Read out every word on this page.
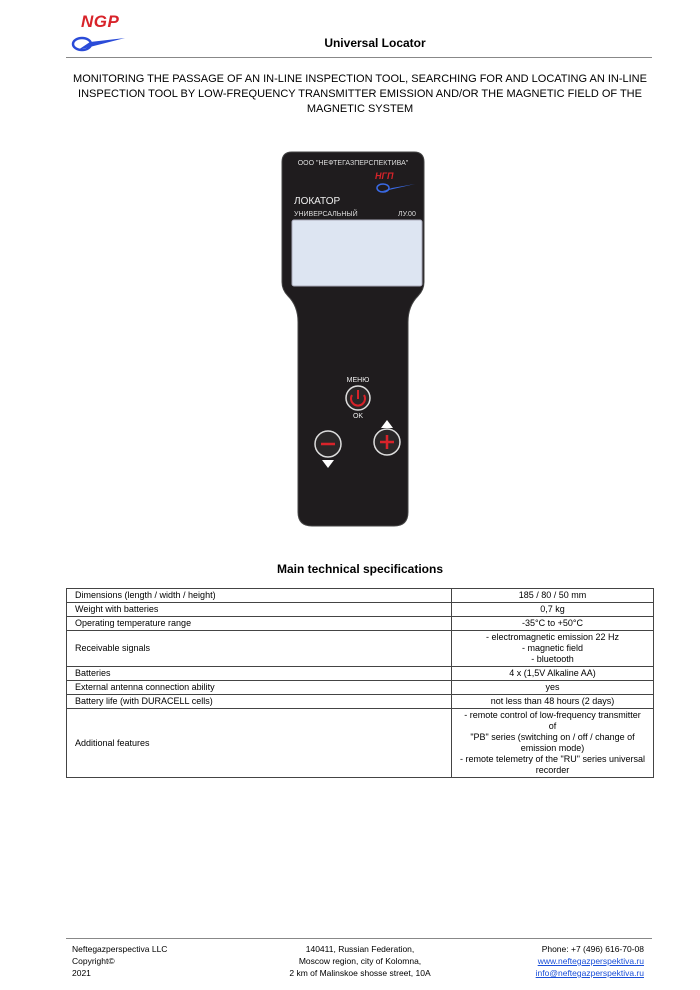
NGP
Universal Locator
MONITORING THE PASSAGE OF AN IN-LINE INSPECTION TOOL, SEARCHING FOR AND LOCATING AN IN-LINE INSPECTION TOOL BY LOW-FREQUENCY TRANSMITTER EMISSION AND/OR THE MAGNETIC FIELD OF THE MAGNETIC SYSTEM
ООО "НЕФТЕГАЗПЕРСПЕКТИВА"
НГП
ЛОКАТОР
УНИВЕРСАЛЬНЫЙ	ЛУ.00
МЕНЮ
OK
Main technical specifications
Dimensions (length / width / height)	185 / 80 / 50 mm

Weight with batteries	0,7 kg

Operating temperature range	-35°C to +50°C

Receivable signals	- electromagnetic emission 22 Hz
- magnetic field
- bluetooth

Batteries	4 x (1,5V Alkaline AA)

External antenna connection ability	yes

Battery life (with DURACELL cells)	not less than 48 hours (2 days)

Additional features	- remote control of low-frequency transmitter of
"PB" series (switching on / off / change of
emission mode)
- remote telemetry of the "RU" series universal
recorder
Neftegazperspectiva LLC
Copyright©
2021
140411, Russian Federation,
Moscow region, city of Kolomna,
2 km of Malinskoe shosse street, 10A
Phone: +7 (496) 616-70-08
www.neftegazperspektiva.ru
info@neftegazperspektiva.ru
